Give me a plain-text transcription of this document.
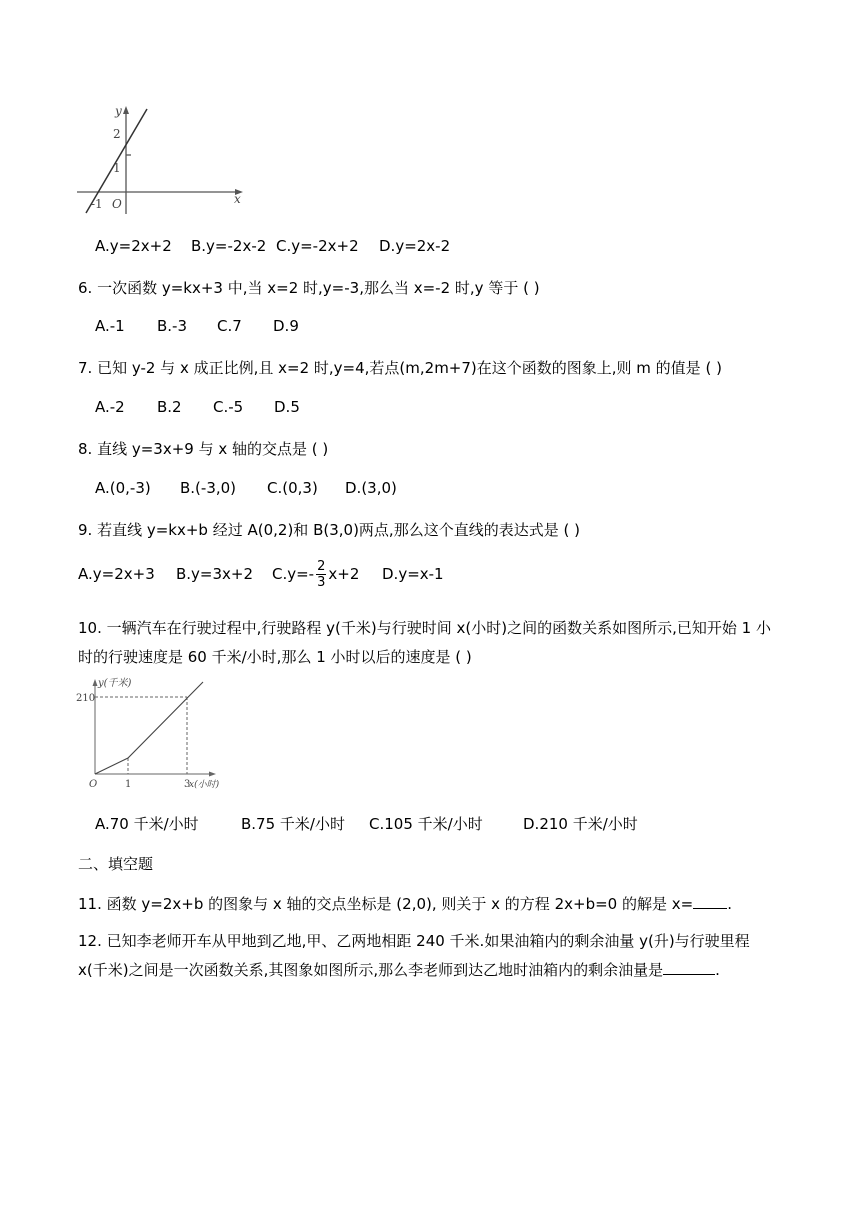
y
x
2
1
-1 O
A.y=2x+2 B.y=-2x-2 C.y=-2x+2 D.y=2x-2
6. 一次函数 y=kx+3 中,当 x=2 时,y=-3,那么当 x=-2 时,y 等于 ( )
A.-1 B.-3 C.7 D.9
7. 已知 y-2 与 x 成正比例,且 x=2 时,y=4,若点(m,2m+7)在这个函数的图象上,则 m 的值是 ( )
A.-2 B.2 C.-5 D.5
8. 直线 y=3x+9 与 x 轴的交点是 ( )
A.(0,-3) B.(-3,0) C.(0,3) D.(3,0)
9. 若直线 y=kx+b 经过 A(0,2)和 B(3,0)两点,那么这个直线的表达式是 ( )
A.y=2x+3	B.y=3x+2	$C.y=- \frac{2}{3} x+2$	D.y=x-1
10. 一辆汽车在行驶过程中,行驶路程 y(千米)与行驶时间 x(小时)之间的函数关系如图所示,已知开始 1 小时的行驶速度是 60 千米/小时,那么 1 小时以后的速度是 ( )
y(千米)
210
O	1	3
x(小时)
A.70 千米/小时	B.75 千米/小时 C.105 千米/小时	D.210 千米/小时
二、填空题
11. 函数 y=2x+b 的图象与 x 轴的交点坐标是 (2,0), 则关于 x 的方程 2x+b=0 的解是 x= .
12. 已知李老师开车从甲地到乙地,甲、乙两地相距 240 千米.如果油箱内的剩余油量 y(升)与行驶里程 x(千米)之间是一次函数关系,其图象如图所示,那么李老师到达乙地时油箱内的剩余油量是	.
